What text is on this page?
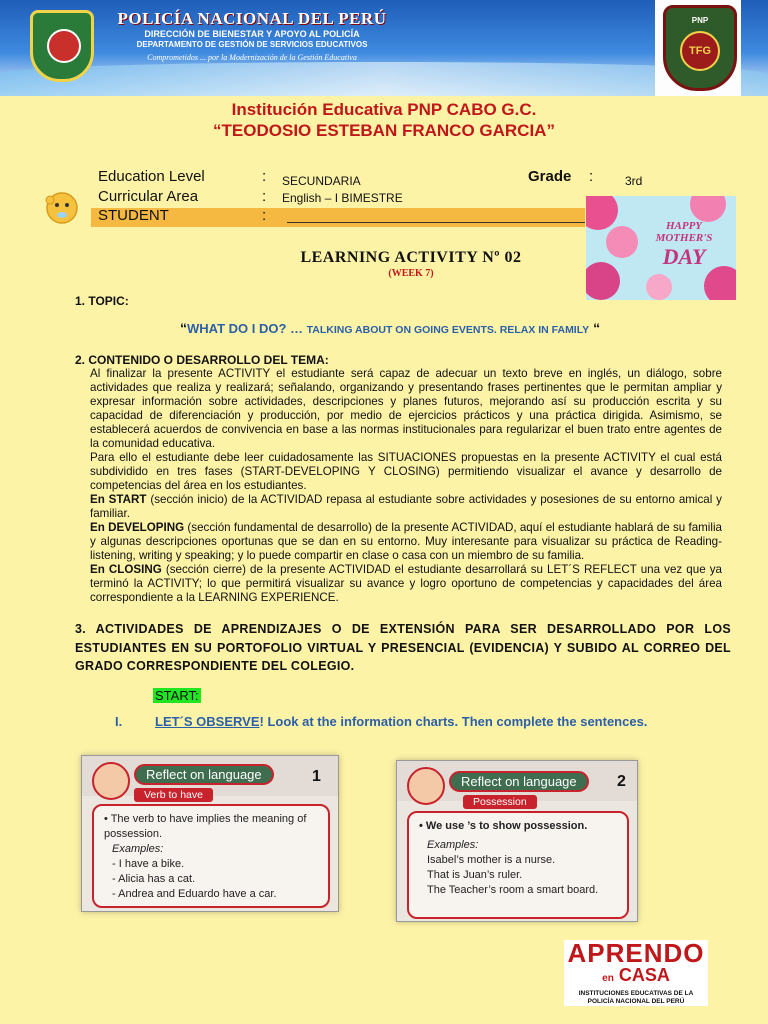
POLICÍA NACIONAL DEL PERÚ
DIRECCIÓN DE BIENESTAR Y APOYO AL POLICÍA
DEPARTAMENTO DE GESTIÓN DE SERVICIOS EDUCATIVOS
Comprometidos ... por la Modernización de la Gestión Educativa
PNP
TFG
Institución Educativa PNP CABO G.C.
“TEODOSIO ESTEBAN FRANCO GARCIA”
Education Level	: SECUNDARIA	Grade :	3rd
Curricular Area	: English – I BIMESTRE
STUDENT	:
HAPPY
MOTHER'S
DAY
LEARNING ACTIVITY Nº 02
(WEEK 7)
1. TOPIC:
“WHAT DO I DO? … TALKING ABOUT ON GOING EVENTS. RELAX IN FAMILY “
2. CONTENIDO O DESARROLLO DEL TEMA:

Al finalizar la presente ACTIVITY el estudiante será capaz de adecuar un texto breve en inglés, un diálogo, sobre actividades que realiza y realizará; señalando, organizando y presentando frases pertinentes que le permitan ampliar y expresar información sobre actividades, descripciones y planes futuros, mejorando así su producción escrita y su capacidad de diferenciación y producción, por medio de ejercicios prácticos y una práctica dirigida. Asimismo, se establecerá acuerdos de convivencia en base a las normas institucionales para regularizar el buen trato entre agentes de la comunidad educativa.

Para ello el estudiante debe leer cuidadosamente las SITUACIONES propuestas en la presente ACTIVITY el cual está subdividido en tres fases (START-DEVELOPING Y CLOSING) permitiendo visualizar el avance y desarrollo de competencias del área en los estudiantes.

En START (sección inicio) de la ACTIVIDAD repasa al estudiante sobre actividades y posesiones de su entorno amical y familiar.

En DEVELOPING (sección fundamental de desarrollo) de la presente ACTIVIDAD, aquí el estudiante hablará de su familia y algunas descripciones oportunas que se dan en su entorno. Muy interesante para visualizar su práctica de Reading-listening, writing y speaking; y lo puede compartir en clase o casa con un miembro de su familia.

En CLOSING (sección cierre) de la presente ACTIVIDAD el estudiante desarrollará su LET´S REFLECT una vez que ya terminó la ACTIVITY; lo que permitirá visualizar su avance y logro oportuno de competencias y capacidades del área correspondiente a la LEARNING EXPERIENCE.

3. ACTIVIDADES DE APRENDIZAJES O DE EXTENSIÓN PARA SER DESARROLLADO POR LOS ESTUDIANTES EN SU PORTOFOLIO VIRTUAL Y PRESENCIAL (EVIDENCIA) Y SUBIDO AL CORREO DEL GRADO CORRESPONDIENTE DEL COLEGIO.
START:
I.	LET´S OBSERVE! Look at the information charts. Then complete the sentences.
Reflect on language
Verb to have
1
• The verb to have implies the meaning of possession.
Examples:
- I have a bike.
- Alicia has a cat.
- Andrea and Eduardo have a car.
Reflect on language
Possession
2
• We use ’s to show possession.
Examples:
Isabel’s mother is a nurse.
That is Juan’s ruler.
The Teacher’s room a smart board.
APRENDO
en CASA
INSTITUCIONES EDUCATIVAS DE LA
POLICÍA NACIONAL DEL PERÚ
